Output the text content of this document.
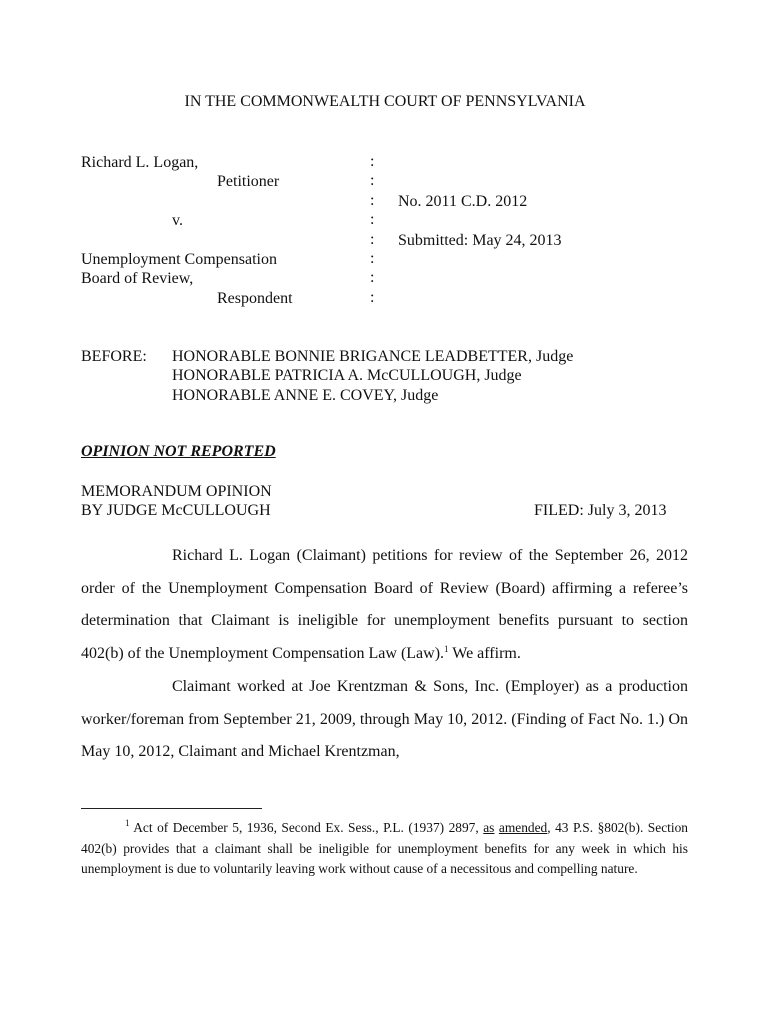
IN THE COMMONWEALTH COURT OF PENNSYLVANIA
Richard L. Logan,
Petitioner
v.
Unemployment Compensation
Board of Review,
Respondent
:
:
:
:
:
:
:
:
No. 2011 C.D. 2012
Submitted: May 24, 2013
BEFORE: HONORABLE BONNIE BRIGANCE LEADBETTER, Judge
HONORABLE PATRICIA A. McCULLOUGH, Judge
HONORABLE ANNE E. COVEY, Judge
OPINION NOT REPORTED
MEMORANDUM OPINION
BY JUDGE McCULLOUGH	FILED: July 3, 2013

Richard L. Logan (Claimant) petitions for review of the September 26, 2012 order of the Unemployment Compensation Board of Review (Board) affirming a referee’s determination that Claimant is ineligible for unemployment benefits pursuant to section 402(b) of the Unemployment Compensation Law (Law).$^1$ We affirm.

Claimant worked at Joe Krentzman & Sons, Inc. (Employer) as a production worker/foreman from September 21, 2009, through May 10, 2012. (Finding of Fact No. 1.) On May 10, 2012, Claimant and Michael Krentzman,

$^1$ Act of December 5, 1936, Second Ex. Sess., P.L. (1937) 2897, as amended, 43 P.S. §802(b). Section 402(b) provides that a claimant shall be ineligible for unemployment benefits for any week in which his unemployment is due to voluntarily leaving work without cause of a necessitous and compelling nature.
